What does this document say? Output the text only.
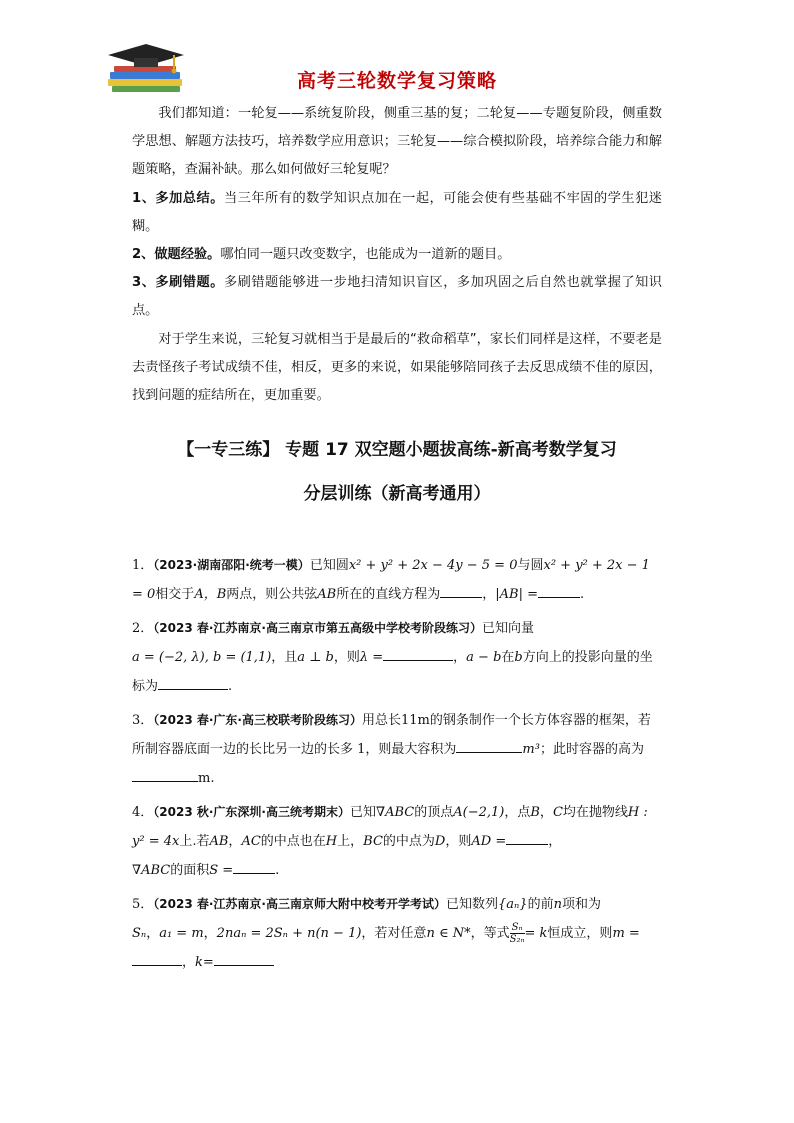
高考三轮数学复习策略

我们都知道：一轮复——系统复阶段，侧重三基的复；二轮复——专题复阶段，侧重数学思想、解题方法技巧，培养数学应用意识；三轮复——综合模拟阶段，培养综合能力和解题策略，查漏补缺。那么如何做好三轮复呢？

1、多加总结。当三年所有的数学知识点加在一起，可能会使有些基础不牢固的学生犯迷糊。

2、做题经验。哪怕同一题只改变数字，也能成为一道新的题目。

3、多刷错题。多刷错题能够进一步地扫清知识盲区，多加巩固之后自然也就掌握了知识点。

对于学生来说，三轮复习就相当于是最后的“救命稻草”，家长们同样是这样，不要老是去责怪孩子考试成绩不佳，相反，更多的来说，如果能够陪同孩子去反思成绩不佳的原因，找到问题的症结所在，更加重要。

【一专三练】 专题 17 双空题小题拔高练-新高考数学复习
分层训练（新高考通用）

1．（2023·湖南邵阳·统考一模）已知圆x² + y² + 2x − 4y − 5 = 0与圆x² + y² + 2x − 1 = 0相交于A，B两点，则公共弦AB所在的直线方程为	，|AB| =	.

2．（2023 春·江苏南京·高三南京市第五高级中学校考阶段练习）已知向量
a = (−2, λ), b = (1,1)，且a ⊥ b，则λ =	，a − b在b方向上的投影向量的坐标为	.

3．（2023 春·广东·高三校联考阶段练习）用总长11m的钢条制作一个长方体容器的框架，若所制容器底面一边的长比另一边的长多 1，则最大容积为	m³；此时容器的高为m.

4．（2023 秋·广东深圳·高三统考期末）已知∇ABC的顶点A(−2,1)，点B，C均在抛物线H : y² = 4x上.若AB，AC的中点也在H上，BC的中点为D，则AD =	，
∇ABC的面积S =	.

5．（2023 春·江苏南京·高三南京师大附中校考开学考试）已知数列{aₙ}的前n项和为
Sₙ，a₁ = m，2naₙ = 2Sₙ + n(n − 1)，若对任意n ∈ N*，等式 $\frac{\text{Sₙ}}{\text{S₂ₙ}} = k$恒成立，则m =
，k=
